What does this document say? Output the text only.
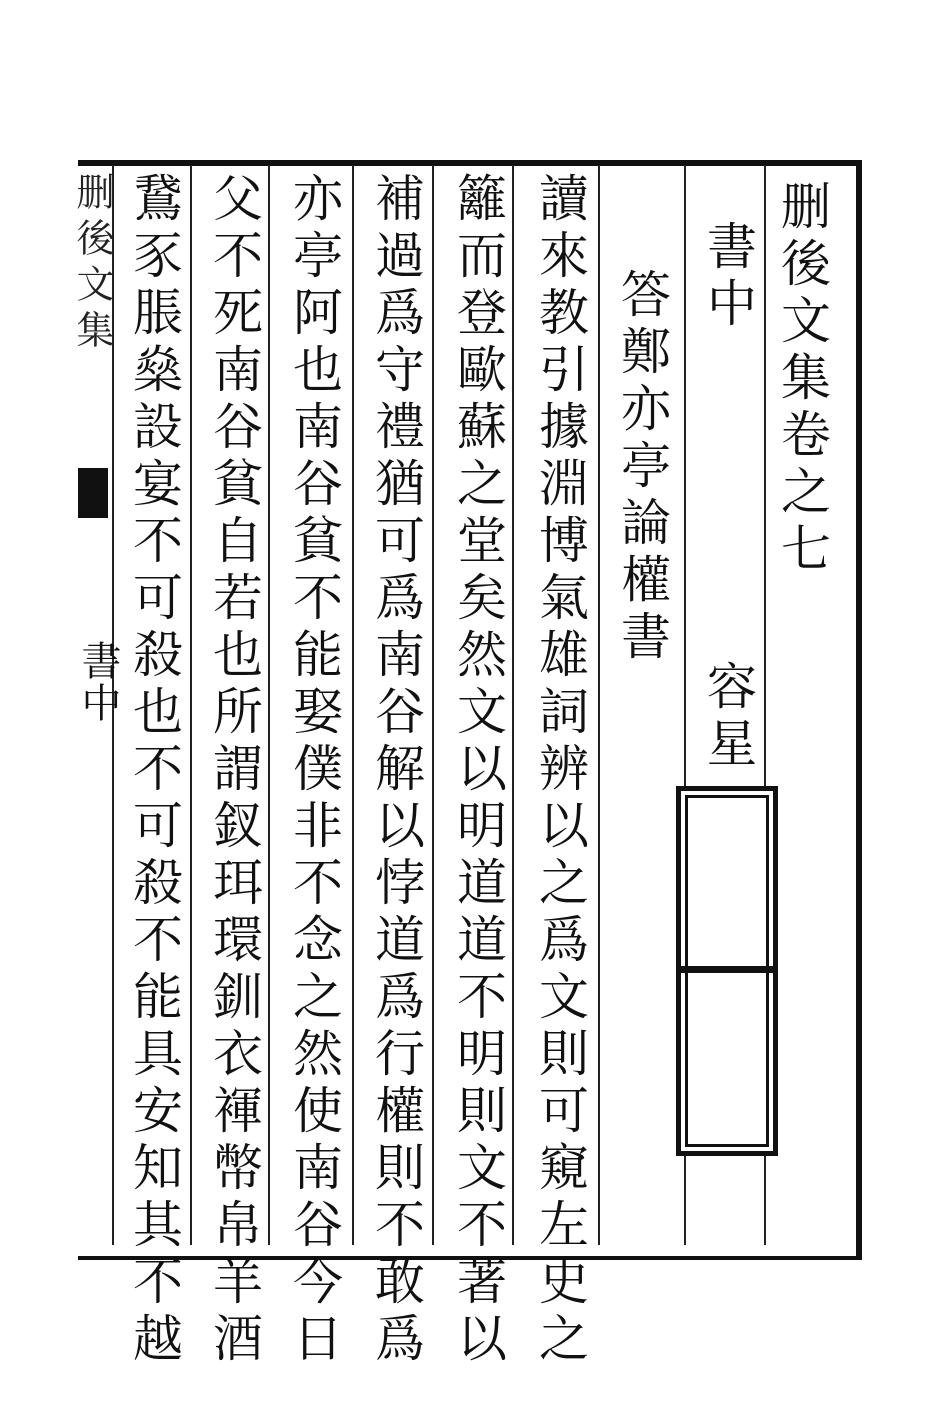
删後文集卷之七
書中
答鄭亦亭論權書
容星
讀來教引據淵博氣雄詞辨以之爲文則可窺左史之
籬而登歐蘇之堂矣然文以明道道不明則文不著以
補過爲守禮猶可爲南谷解以悖道爲行權則不敢爲
亦亭阿也南谷貧不能娶僕非不念之然使南谷今日
父不死南谷貧自若也所謂釵珥環釧衣褌幣帛羊酒
鵞豕脹燊設宴不可殺也不可殺不能具安知其不越
删後文集
書中
